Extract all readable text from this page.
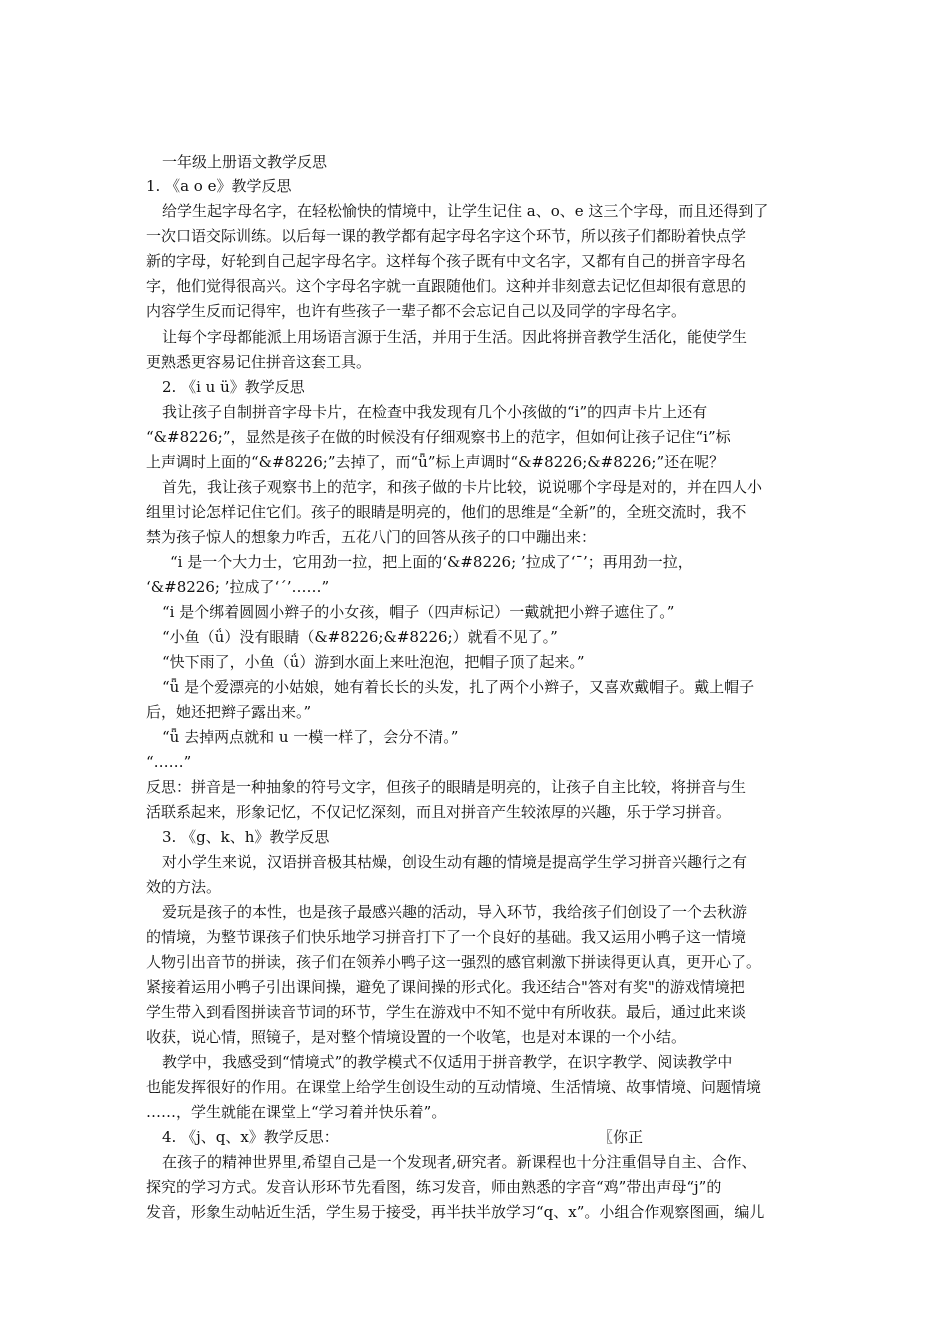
一年级上册语文教学反思
1. 《a o e》教学反思
给学生起字母名字，在轻松愉快的情境中，让学生记住 a、o、e 这三个字母，而且还得到了
一次口语交际训练。以后每一课的教学都有起字母名字这个环节，所以孩子们都盼着快点学
新的字母，好轮到自己起字母名字。这样每个孩子既有中文名字，又都有自己的拼音字母名
字，他们觉得很高兴。这个字母名字就一直跟随他们。这种并非刻意去记忆但却很有意思的
内容学生反而记得牢，也许有些孩子一辈子都不会忘记自己以及同学的字母名字。
让每个字母都能派上用场语言源于生活，并用于生活。因此将拼音教学生活化，能使学生
更熟悉更容易记住拼音这套工具。
2. 《i u ü》教学反思
我让孩子自制拼音字母卡片，在检查中我发现有几个小孩做的“i”的四声卡片上还有
“&#8226;”，显然是孩子在做的时候没有仔细观察书上的范字，但如何让孩子记住“i”标
上声调时上面的“&#8226;”去掉了，而“ǖ”标上声调时“&#8226;&#8226;”还在呢？
首先，我让孩子观察书上的范字，和孩子做的卡片比较，说说哪个字母是对的，并在四人小
组里讨论怎样记住它们。孩子的眼睛是明亮的，他们的思维是“全新”的，全班交流时，我不
禁为孩子惊人的想象力咋舌，五花八门的回答从孩子的口中蹦出来：
“i 是一个大力士，它用劲一拉，把上面的‘&#8226; ’拉成了‘ˉ’；再用劲一拉，
‘&#8226; ’拉成了‘ˊ’……”
“i 是个绑着圆圆小辫子的小女孩，帽子（四声标记）一戴就把小辫子遮住了。”
“小鱼（ǘ）没有眼睛（&#8226;&#8226;）就看不见了。”
“快下雨了，小鱼（ǘ）游到水面上来吐泡泡，把帽子顶了起来。”
“ǖ 是个爱漂亮的小姑娘，她有着长长的头发，扎了两个小辫子，又喜欢戴帽子。戴上帽子
后，她还把辫子露出来。”
“ǖ 去掉两点就和 u 一模一样了，会分不清。”
“……”
反思：拼音是一种抽象的符号文字，但孩子的眼睛是明亮的，让孩子自主比较，将拼音与生
活联系起来，形象记忆，不仅记忆深刻，而且对拼音产生较浓厚的兴趣，乐于学习拼音。
3. 《g、k、h》教学反思
对小学生来说，汉语拼音极其枯燥，创设生动有趣的情境是提高学生学习拼音兴趣行之有
效的方法。
爱玩是孩子的本性，也是孩子最感兴趣的活动，导入环节，我给孩子们创设了一个去秋游
的情境，为整节课孩子们快乐地学习拼音打下了一个良好的基础。我又运用小鸭子这一情境
人物引出音节的拼读，孩子们在领养小鸭子这一强烈的感官刺激下拼读得更认真，更开心了。
紧接着运用小鸭子引出课间操，避免了课间操的形式化。我还结合"答对有奖"的游戏情境把
学生带入到看图拼读音节词的环节，学生在游戏中不知不觉中有所收获。最后，通过此来谈
收获，说心情，照镜子，是对整个情境设置的一个收笔，也是对本课的一个小结。
教学中，我感受到“情境式”的教学模式不仅适用于拼音教学，在识字教学、阅读教学中
也能发挥很好的作用。在课堂上给学生创设生动的互动情境、生活情境、故事情境、问题情境
……，学生就能在课堂上“学习着并快乐着”。
4. 《j、q、x》教学反思：	〖你正
在孩子的精神世界里,希望自己是一个发现者,研究者。新课程也十分注重倡导自主、合作、
探究的学习方式。发音认形环节先看图，练习发音，师由熟悉的字音“鸡”带出声母“j”的
发音，形象生动帖近生活，学生易于接受，再半扶半放学习“q、x”。小组合作观察图画，编儿
